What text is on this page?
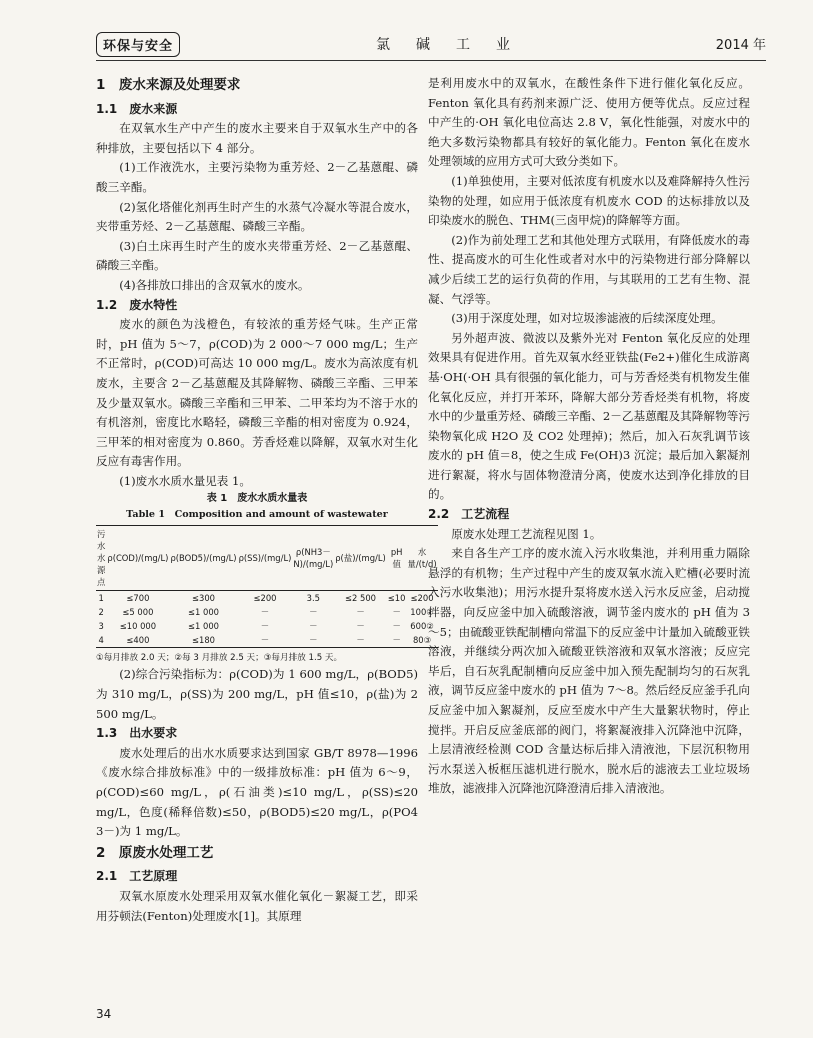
环保与安全	氯碱工业	2014 年
1　废水来源及处理要求
1.1　废水来源

在双氧水生产中产生的废水主要来自于双氧水生产中的各种排放，主要包括以下 4 部分。

(1)工作液洗水，主要污染物为重芳烃、2－乙基蒽醌、磷酸三辛酯。

(2)氢化塔催化剂再生时产生的水蒸气冷凝水等混合废水，夹带重芳烃、2－乙基蒽醌、磷酸三辛酯。

(3)白土床再生时产生的废水夹带重芳烃、2－乙基蒽醌、磷酸三辛酯。

(4)各排放口排出的含双氧水的废水。

1.2　废水特性

废水的颜色为浅橙色，有较浓的重芳烃气味。生产正常时，pH 值为 5～7，ρ(COD)为 2 000～7 000 mg/L；生产不正常时，ρ(COD)可高达 10 000 mg/L。废水为高浓度有机废水，主要含 2－乙基蒽醌及其降解物、磷酸三辛酯、三甲苯及少量双氧水。磷酸三辛酯和三甲苯、二甲苯均为不溶于水的有机溶剂，密度比水略轻，磷酸三辛酯的相对密度为 0.924，三甲苯的相对密度为 0.860。芳香烃难以降解，双氧水对生化反应有毒害作用。

(1)废水水质水量见表 1。

表 1　废水水质水量表
Table 1　Composition and amount of wastewater
污水水源点	ρ(COD)/(mg/L)	ρ(BOD5)/(mg/L)	ρ(SS)/(mg/L)	ρ(NH3－N)/(mg/L)	ρ(盐)/(mg/L)	pH 值	水量/(t/d)
1	≤700	≤300	≤200	3.5	≤2 500	≤10	≤200
2	≤5 000	≤1 000	－	－	－	－	100①
3	≤10 000	≤1 000	－	－	－	－	600②
4	≤400	≤180	－	－	－	－	80③
①每月排放 2.0 天；②每 3 月排放 2.5 天；③每月排放 1.5 天。

(2)综合污染指标为：ρ(COD)为 1 600 mg/L，ρ(BOD5)为 310 mg/L，ρ(SS)为 200 mg/L，pH 值≤10，ρ(盐)为 2 500 mg/L。

1.3　出水要求

废水处理后的出水水质要求达到国家 GB/T 8978—1996《废水综合排放标准》中的一级排放标准：pH 值为 6～9，ρ(COD)≤60 mg/L，ρ(石油类)≤10 mg/L，ρ(SS)≤20 mg/L，色度(稀释倍数)≤50，ρ(BOD5)≤20 mg/L，ρ(PO4 3－)为 1 mg/L。

2　原废水处理工艺
2.1　工艺原理

双氧水原废水处理采用双氧水催化氧化－絮凝工艺，即采用芬顿法(Fenton)处理废水[1]。其原理

是利用废水中的双氧水，在酸性条件下进行催化氧化反应。Fenton 氧化具有药剂来源广泛、使用方便等优点。反应过程中产生的·OH 氧化电位高达 2.8 V，氧化性能强，对废水中的绝大多数污染物都具有较好的氧化能力。Fenton 氧化在废水处理领域的应用方式可大致分类如下。

(1)单独使用，主要对低浓度有机废水以及难降解持久性污染物的处理，如应用于低浓度有机废水 COD 的达标排放以及印染废水的脱色、THM(三卤甲烷)的降解等方面。

(2)作为前处理工艺和其他处理方式联用，有降低废水的毒性、提高废水的可生化性或者对水中的污染物进行部分降解以减少后续工艺的运行负荷的作用，与其联用的工艺有生物、混凝、气浮等。

(3)用于深度处理，如对垃圾渗滤液的后续深度处理。

另外超声波、微波以及紫外光对 Fenton 氧化反应的处理效果具有促进作用。首先双氧水经亚铁盐(Fe2+)催化生成游离基·OH(·OH 具有很强的氧化能力，可与芳香烃类有机物发生催化氧化反应，并打开苯环，降解大部分芳香烃类有机物，将废水中的少量重芳烃、磷酸三辛酯、2－乙基蒽醌及其降解物等污染物氧化成 H2O 及 CO2 处理掉)；然后，加入石灰乳调节该废水的 pH 值＝8，使之生成 Fe(OH)3 沉淀；最后加入絮凝剂进行絮凝，将水与固体物澄清分离，使废水达到净化排放的目的。

2.2　工艺流程

原废水处理工艺流程见图 1。

来自各生产工序的废水流入污水收集池，并利用重力隔除悬浮的有机物；生产过程中产生的废双氧水流入贮槽(必要时流入污水收集池)；用污水提升泵将废水送入污水反应釜，启动搅拌器，向反应釜中加入硫酸溶液，调节釜内废水的 pH 值为 3～5；由硫酸亚铁配制槽向常温下的反应釜中计量加入硫酸亚铁溶液，并继续分两次加入硫酸亚铁溶液和双氧水溶液；反应完毕后，自石灰乳配制槽向反应釜中加入预先配制均匀的石灰乳液，调节反应釜中废水的 pH 值为 7～8。然后经反应釜手孔向反应釜中加入絮凝剂，反应至废水中产生大量絮状物时，停止搅拌。开启反应釜底部的阀门，将絮凝液排入沉降池中沉降，上层清液经检测 COD 含量达标后排入清液池，下层沉积物用污水泵送入板框压滤机进行脱水，脱水后的滤液去工业垃圾场堆放，滤液排入沉降池沉降澄清后排入清液池。

34
